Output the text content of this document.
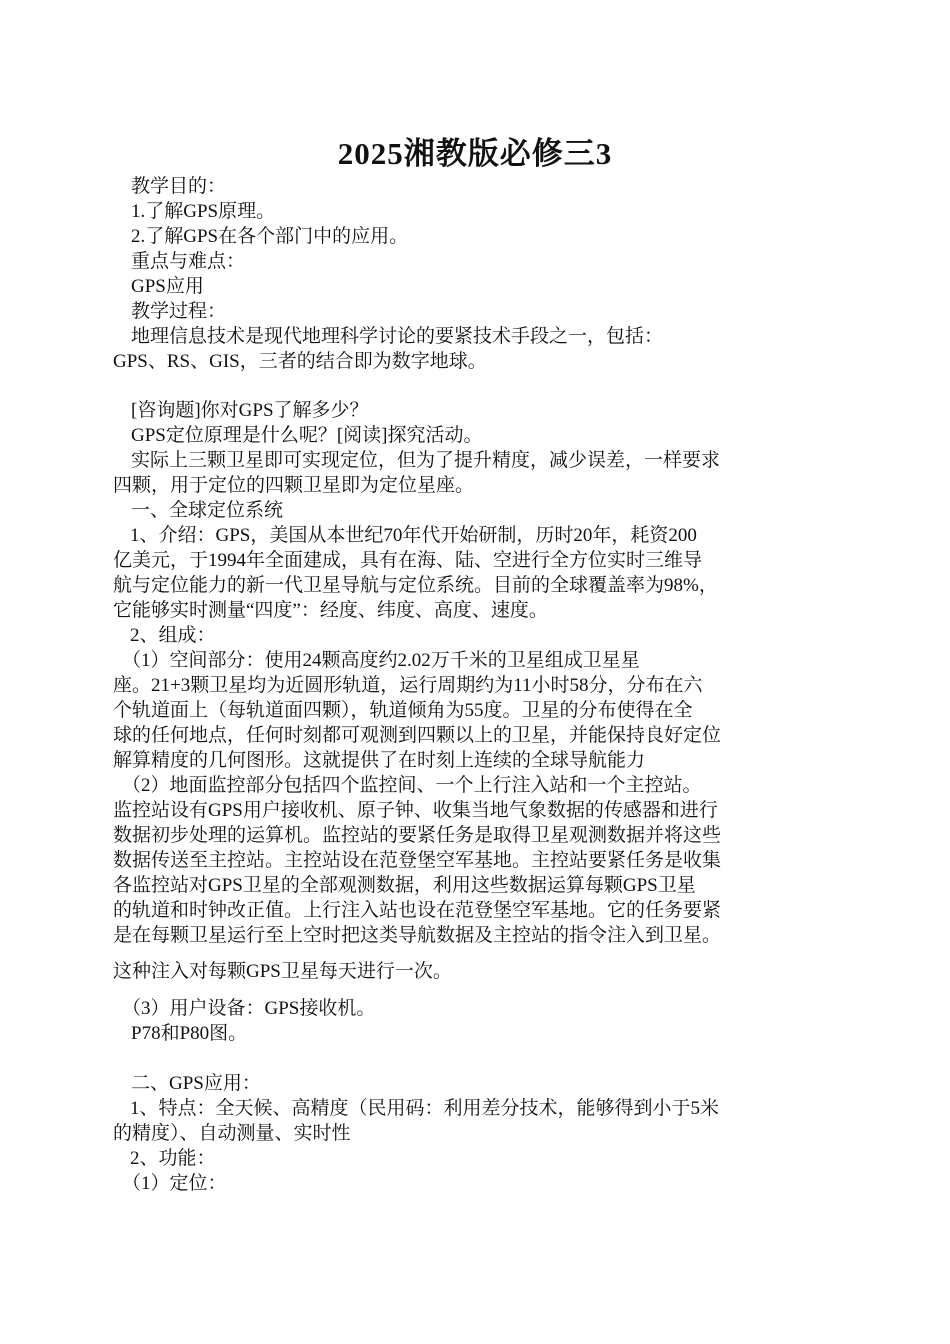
2025湘教版必修三3
教学目的：
1.了解GPS原理。
2.了解GPS在各个部门中的应用。
重点与难点：
GPS应用
教学过程：
地理信息技术是现代地理科学讨论的要紧技术手段之一，包括：
GPS、RS、GIS，三者的结合即为数字地球。
[咨询题]你对GPS了解多少？
GPS定位原理是什么呢？[阅读]探究活动。
实际上三颗卫星即可实现定位，但为了提升精度，减少误差，一样要求
四颗，用于定位的四颗卫星即为定位星座。
一、全球定位系统
1、介绍：GPS，美国从本世纪70年代开始研制，历时20年，耗资200
亿美元，于1994年全面建成，具有在海、陆、空进行全方位实时三维导
航与定位能力的新一代卫星导航与定位系统。目前的全球覆盖率为98%，
它能够实时测量“四度”：经度、纬度、高度、速度。
2、组成：
（1）空间部分：使用24颗高度约2.02万千米的卫星组成卫星星
座。21+3颗卫星均为近圆形轨道，运行周期约为11小时58分，分布在六
个轨道面上（每轨道面四颗），轨道倾角为55度。卫星的分布使得在全
球的任何地点，任何时刻都可观测到四颗以上的卫星，并能保持良好定位
解算精度的几何图形。这就提供了在时刻上连续的全球导航能力
（2）地面监控部分包括四个监控间、一个上行注入站和一个主控站。
监控站设有GPS用户接收机、原子钟、收集当地气象数据的传感器和进行
数据初步处理的运算机。监控站的要紧任务是取得卫星观测数据并将这些
数据传送至主控站。主控站设在范登堡空军基地。主控站要紧任务是收集
各监控站对GPS卫星的全部观测数据，利用这些数据运算每颗GPS卫星
的轨道和时钟改正值。上行注入站也设在范登堡空军基地。它的任务要紧
是在每颗卫星运行至上空时把这类导航数据及主控站的指令注入到卫星。
这种注入对每颗GPS卫星每天进行一次。
（3）用户设备：GPS接收机。
P78和P80图。
二、GPS应用：
1、特点：全天候、高精度（民用码：利用差分技术，能够得到小于5米
的精度）、自动测量、实时性
2、功能：
（1）定位：
